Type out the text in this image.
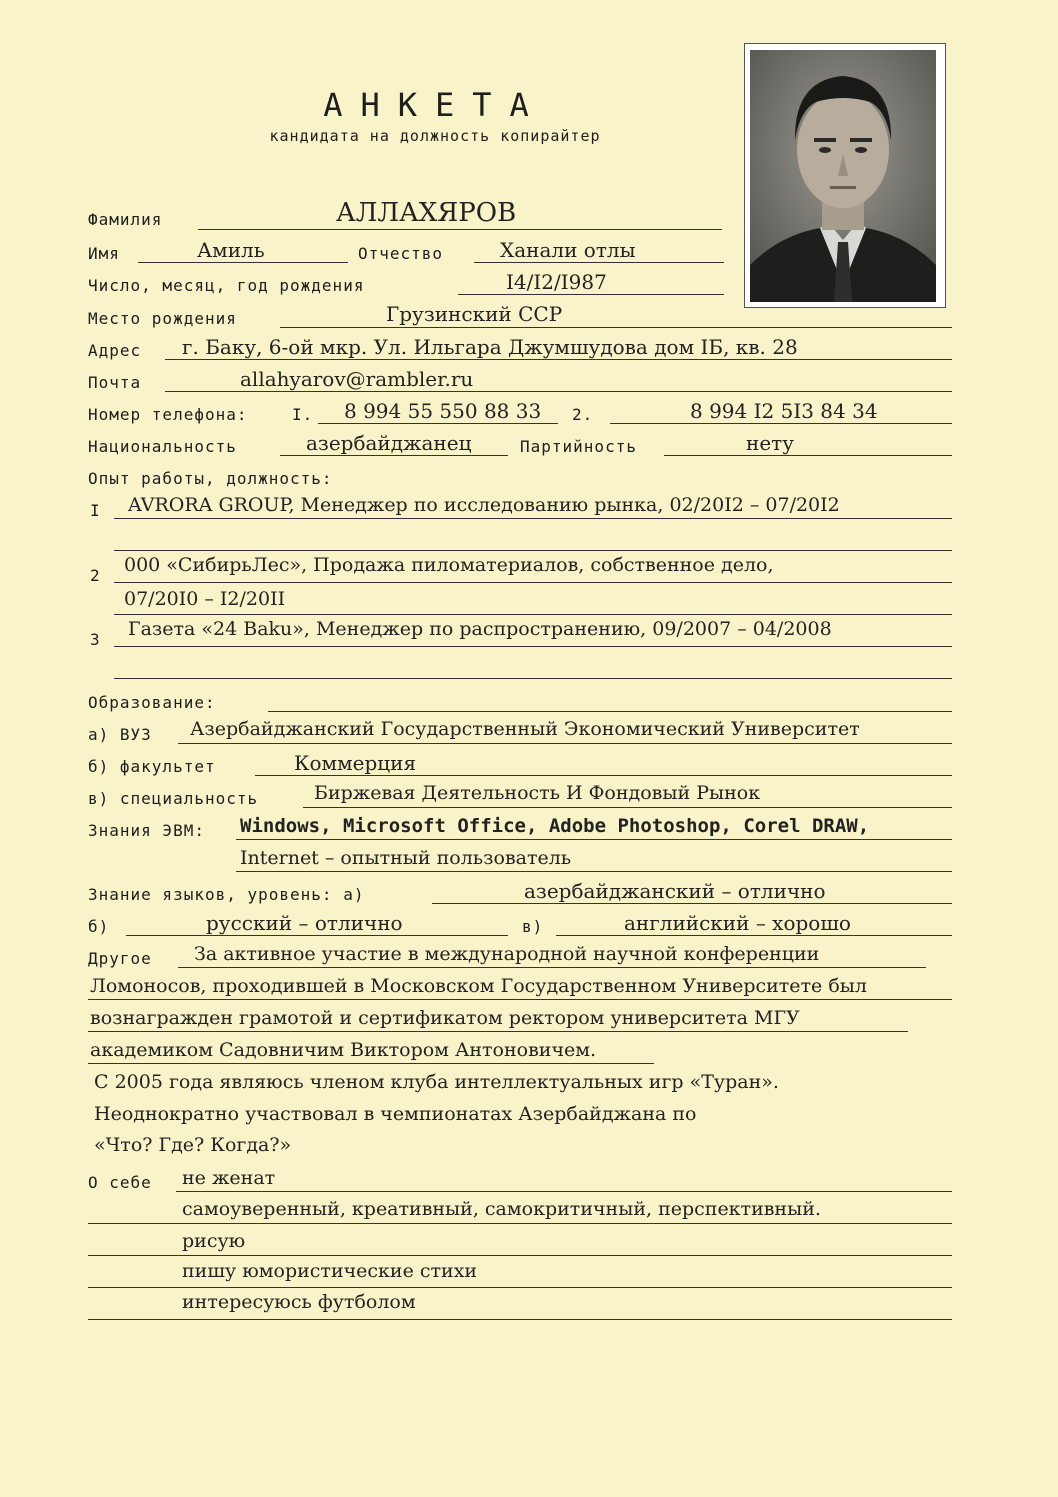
АНКЕТА
кандидата на должность копирайтер
Фамилия	АЛЛАХЯРОВ
Имя	Амиль	Отчество	Ханали отлы
Число, месяц, год рождения	I4/I2/I987
Место рождения	Грузинский ССР
Адрес г. Баку, 6-ой мкр. Ул. Ильгара Джумшудова дом IБ, кв. 28
Почта	allahyarov@rambler.ru
Номер телефона:	I. 8 994 55 550 88 33 2.	8 994 I2 5I3 84 34
Национальность	азербайджанец	Партийность	нету
Опыт работы, должность:
I AVRORA GROUP, Менеджер по исследованию рынка, 02/20I2 – 07/20I2
2 000 «СибирьЛес», Продажа пиломатериалов, собственное дело,
07/20I0 – I2/20II
3 Газета «24 Baku», Менеджер по распространению, 09/2007 – 04/2008
Образование:
а) ВУЗ Азербайджанский Государственный Экономический Университет
б) факультет	Коммерция
в) специальность	Биржевая Деятельность И Фондовый Рынок
Знания ЭВМ: Windows, Microsoft Office, Adobe Photoshop, Corel DRAW,
Internet – опытный пользователь
Знание языков, уровень: а)	азербайджанский – отлично
б)	русский – отлично	в)	английский – хорошо
Другое За активное участие в международной научной конференции
Ломоносов, проходившей в Московском Государственном Университете был
вознагражден грамотой и сертификатом ректором университета МГУ
академиком Садовничим Виктором Антоновичем.
С 2005 года являюсь членом клуба интеллектуальных игр «Туран».
Неоднократно участвовал в чемпионатах Азербайджана по
«Что? Где? Когда?»
О себе не женат
самоуверенный, креативный, самокритичный, перспективный.
рисую
пишу юмористические стихи
интересуюсь футболом
